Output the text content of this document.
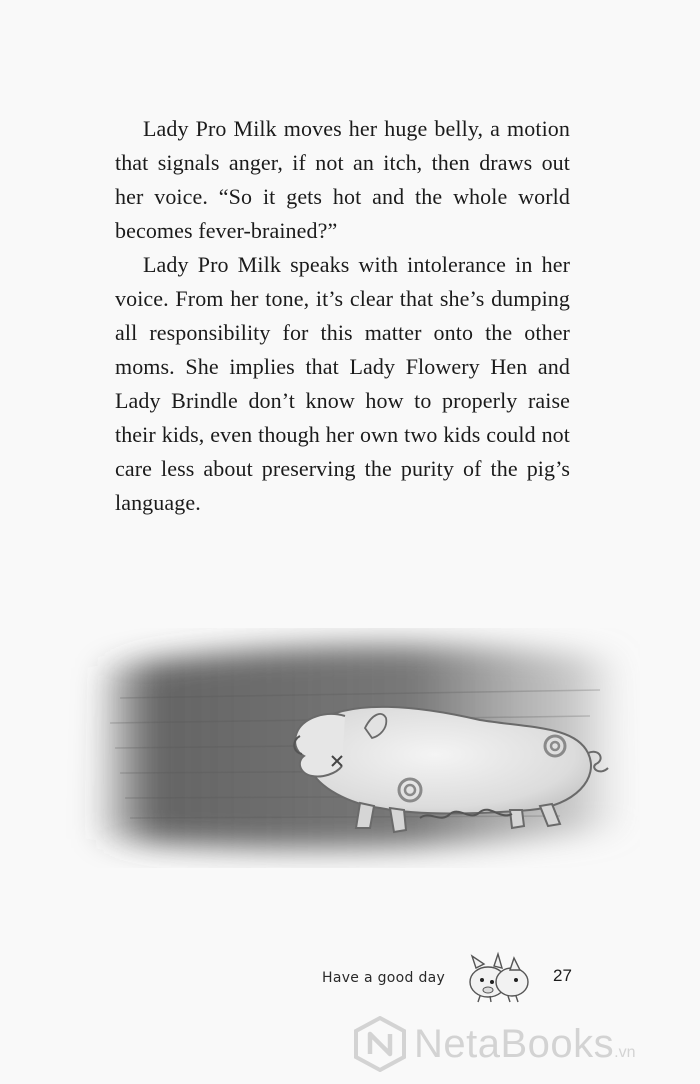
Lady Pro Milk moves her huge belly, a motion that signals anger, if not an itch, then draws out her voice. “So it gets hot and the whole world becomes fever-brained?”

Lady Pro Milk speaks with intolerance in her voice. From her tone, it’s clear that she’s dumping all responsibility for this matter onto the other moms. She implies that Lady Flowery Hen and Lady Brindle don’t know how to properly raise their kids, even though her own two kids could not care less about preserving the purity of the pig’s language.

Have a good day	27
NetaBooks.vn
